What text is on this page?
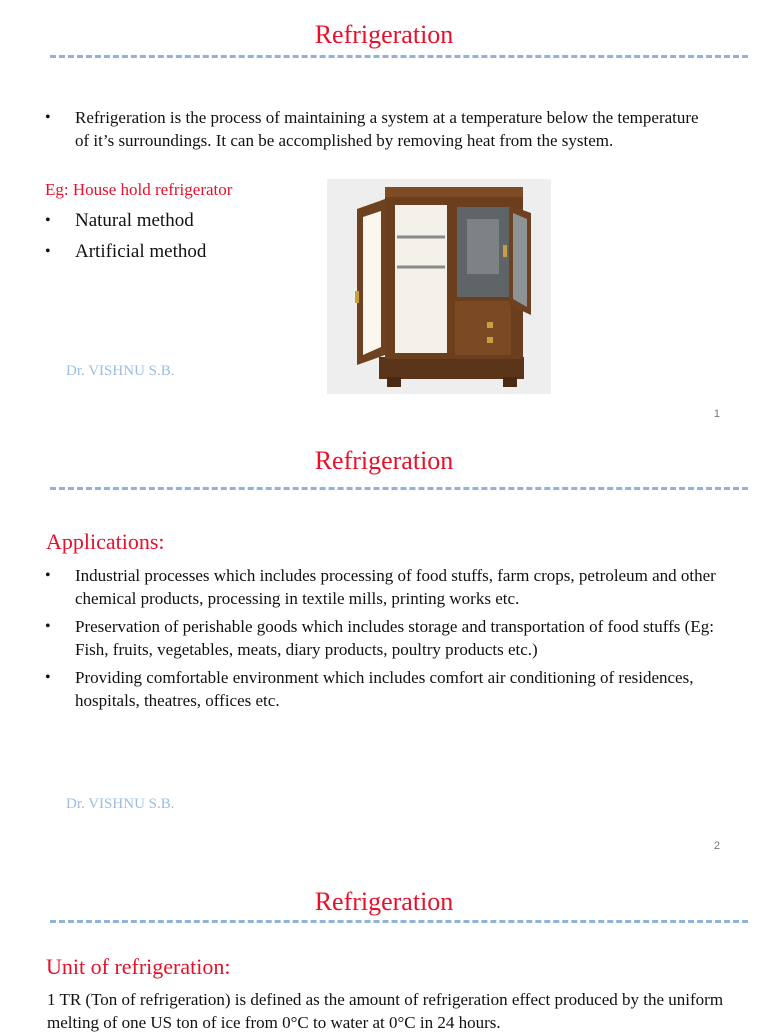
Refrigeration
• Refrigeration is the process of maintaining a system at a temperature below the temperature of it’s surroundings. It can be accomplished by removing heat from the system.
Eg: House hold refrigerator
• Natural method
• Artificial method
Dr. VISHNU S.B.
1
Refrigeration
Applications:
• Industrial processes which includes processing of food stuffs, farm crops, petroleum and other chemical products, processing in textile mills, printing works etc.
• Preservation of perishable goods which includes storage and transportation of food stuffs (Eg: Fish, fruits, vegetables, meats, diary products, poultry products etc.)
• Providing comfortable environment which includes comfort air conditioning of residences, hospitals, theatres, offices etc.
Dr. VISHNU S.B.
2
Refrigeration
Unit of refrigeration:
1 TR (Ton of refrigeration) is defined as the amount of refrigeration effect produced by the uniform melting of one US ton of ice from 0°C to water at 0°C in 24 hours.
